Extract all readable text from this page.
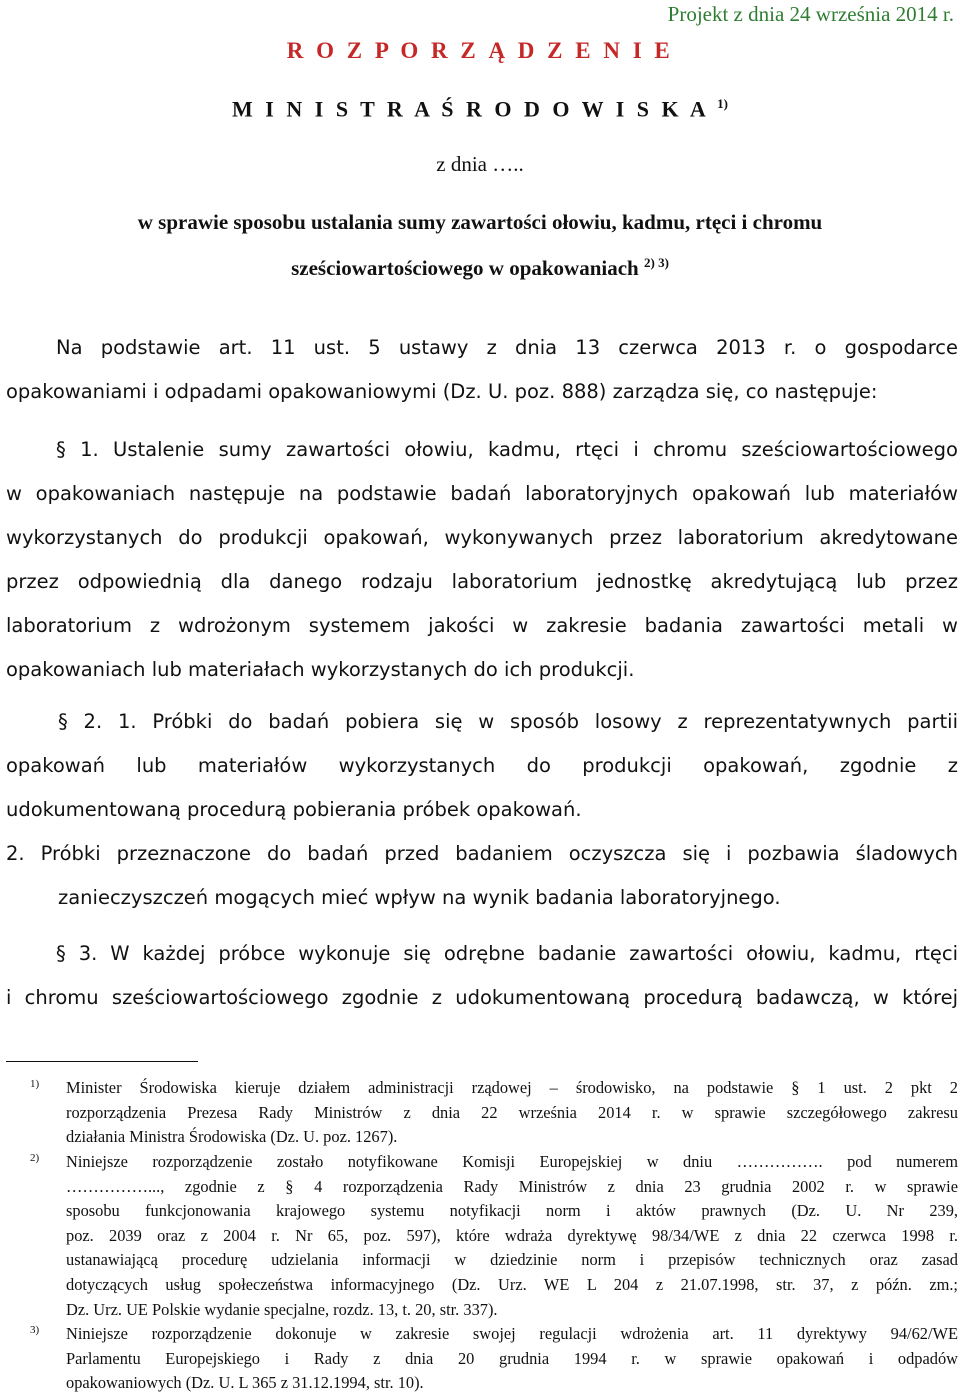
Projekt z dnia 24 września 2014 r.
R O Z P O R Z Ą D Z E N I E
M I N I S T R A Ś R O D O W I S K A $^{1)}$
z dnia …..
w sprawie sposobu ustalania sumy zawartości ołowiu, kadmu, rtęci i chromu
sześciowartościowego w opakowaniach $^{2) 3)}$
Na podstawie art. 11 ust. 5 ustawy z dnia 13 czerwca 2013 r. o gospodarce
opakowaniami i odpadami opakowaniowymi (Dz. U. poz. 888) zarządza się, co następuje:
§ 1. Ustalenie sumy zawartości ołowiu, kadmu, rtęci i chromu sześciowartościowego
w opakowaniach następuje na podstawie badań laboratoryjnych opakowań lub materiałów
wykorzystanych do produkcji opakowań, wykonywanych przez laboratorium akredytowane
przez odpowiednią dla danego rodzaju laboratorium jednostkę akredytującą lub przez
laboratorium z wdrożonym systemem jakości w zakresie badania zawartości metali w
opakowaniach lub materiałach wykorzystanych do ich produkcji.
§ 2. 1. Próbki do badań pobiera się w sposób losowy z reprezentatywnych partii
opakowań lub materiałów wykorzystanych do produkcji opakowań, zgodnie z
udokumentowaną procedurą pobierania próbek opakowań.
2. Próbki przeznaczone do badań przed badaniem oczyszcza się i pozbawia śladowych
zanieczyszczeń mogących mieć wpływ na wynik badania laboratoryjnego.
§ 3. W każdej próbce wykonuje się odrębne badanie zawartości ołowiu, kadmu, rtęci
i chromu sześciowartościowego zgodnie z udokumentowaną procedurą badawczą, w której
1) Minister Środowiska kieruje działem administracji rządowej – środowisko, na podstawie § 1 ust. 2 pkt 2
rozporządzenia Prezesa Rady Ministrów z dnia 22 września 2014 r. w sprawie szczegółowego zakresu
działania Ministra Środowiska (Dz. U. poz. 1267).
2) Niniejsze rozporządzenie zostało notyfikowane Komisji Europejskiej w dniu ……………. pod numerem
……………..., zgodnie z § 4 rozporządzenia Rady Ministrów z dnia 23 grudnia 2002 r. w sprawie
sposobu funkcjonowania krajowego systemu notyfikacji norm i aktów prawnych (Dz. U. Nr 239,
poz. 2039 oraz z 2004 r. Nr 65, poz. 597), które wdraża dyrektywę 98/34/WE z dnia 22 czerwca 1998 r.
ustanawiającą procedurę udzielania informacji w dziedzinie norm i przepisów technicznych oraz zasad
dotyczących usług społeczeństwa informacyjnego (Dz. Urz. WE L 204 z 21.07.1998, str. 37, z późn. zm.;
Dz. Urz. UE Polskie wydanie specjalne, rozdz. 13, t. 20, str. 337).
3) Niniejsze rozporządzenie dokonuje w zakresie swojej regulacji wdrożenia art. 11 dyrektywy 94/62/WE
Parlamentu Europejskiego i Rady z dnia 20 grudnia 1994 r. w sprawie opakowań i odpadów
opakowaniowych (Dz. U. L 365 z 31.12.1994, str. 10).
